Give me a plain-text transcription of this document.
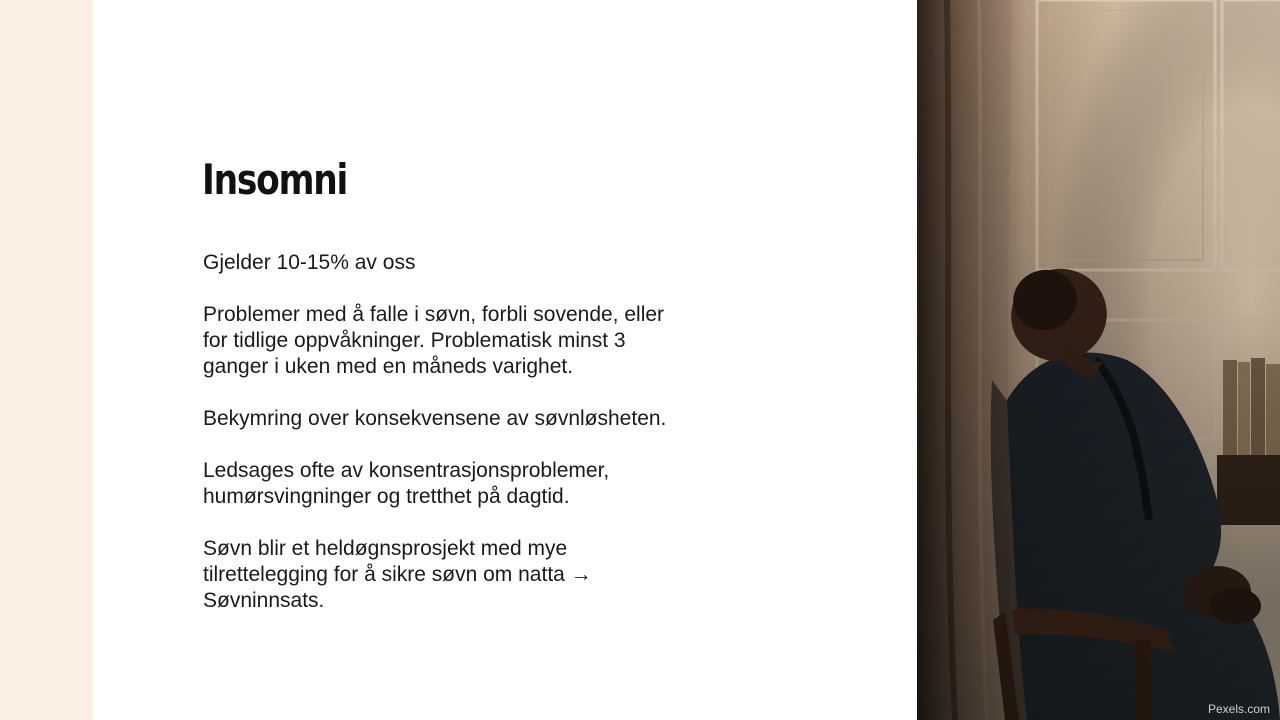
Insomni

Gjelder 10-15% av oss

Problemer med å falle i søvn, forbli sovende, eller
for tidlige oppvåkninger. Problematisk minst 3
ganger i uken med en måneds varighet.

Bekymring over konsekvensene av søvnløsheten.

Ledsages ofte av konsentrasjonsproblemer,
humørsvingninger og tretthet på dagtid.

Søvn blir et heldøgnsprosjekt med mye
tilrettelegging for å sikre søvn om natta →
Søvninnsats.

Pexels.com
